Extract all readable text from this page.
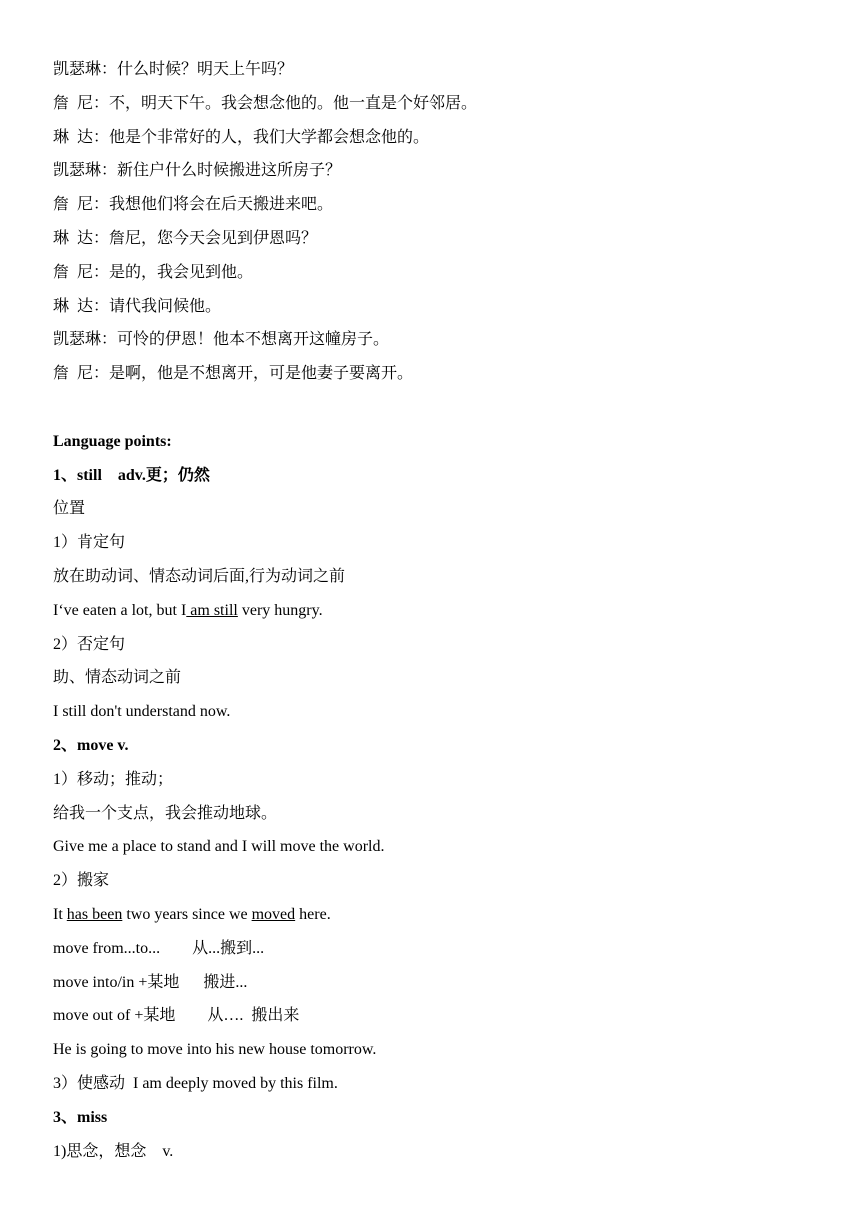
凯瑟琳：什么时候？明天上午吗？
詹  尼：不，明天下午。我会想念他的。他一直是个好邻居。
琳  达：他是个非常好的人，我们大学都会想念他的。
凯瑟琳：新住户什么时候搬进这所房子？
詹  尼：我想他们将会在后天搬进来吧。
琳  达：詹尼，您今天会见到伊恩吗？
詹  尼：是的，我会见到他。
琳  达：请代我问候他。
凯瑟琳：可怜的伊恩！他本不想离开这幢房子。
詹  尼：是啊，他是不想离开，可是他妻子要离开。
Language points:
1、still    adv.更；仍然
位置
1）肯定句
放在助动词、情态动词后面,行为动词之前
I‘ve eaten a lot, but I am still very hungry.
2）否定句
助、情态动词之前
I still don't understand now.
2、move v.
1）移动；推动；
给我一个支点，我会推动地球。
Give me a place to stand and I will move the world.
2）搬家
It has been two years since we moved here.
move from...to...        从...搬到...
move into/in +某地      搬进...
move out of +某地        从….  搬出来
He is going to move into his new house tomorrow.
3）使感动  I am deeply moved by this film.
3、miss
1)思念，想念    v.
